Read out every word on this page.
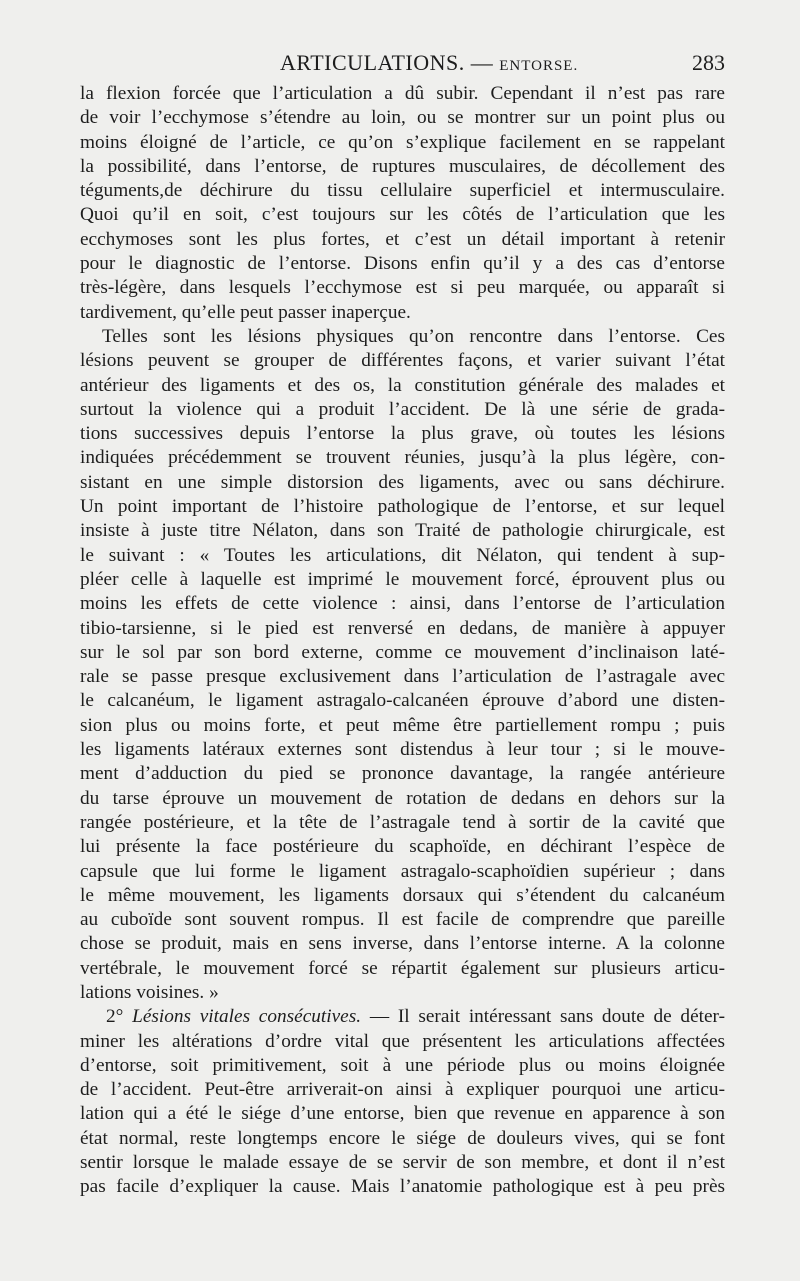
ARTICULATIONS. — ENTORSE.	283
la flexion forcée que l’articulation a dû subir. Cependant il n’est pas rare
de voir l’ecchymose s’étendre au loin, ou se montrer sur un point plus ou
moins éloigné de l’article, ce qu’on s’explique facilement en se rappelant
la possibilité, dans l’entorse, de ruptures musculaires, de décollement des
téguments,de déchirure du tissu cellulaire superficiel et intermusculaire.
Quoi qu’il en soit, c’est toujours sur les côtés de l’articulation que les
ecchymoses sont les plus fortes, et c’est un détail important à retenir
pour le diagnostic de l’entorse. Disons enfin qu’il y a des cas d’entorse
très-légère, dans lesquels l’ecchymose est si peu marquée, ou apparaît si
tardivement, qu’elle peut passer inaperçue.
Telles sont les lésions physiques qu’on rencontre dans l’entorse. Ces
lésions peuvent se grouper de différentes façons, et varier suivant l’état
antérieur des ligaments et des os, la constitution générale des malades et
surtout la violence qui a produit l’accident. De là une série de grada-
tions successives depuis l’entorse la plus grave, où toutes les lésions
indiquées précédemment se trouvent réunies, jusqu’à la plus légère, con-
sistant en une simple distorsion des ligaments, avec ou sans déchirure.
Un point important de l’histoire pathologique de l’entorse, et sur lequel
insiste à juste titre Nélaton, dans son Traité de pathologie chirurgicale, est
le suivant : « Toutes les articulations, dit Nélaton, qui tendent à sup-
pléer celle à laquelle est imprimé le mouvement forcé, éprouvent plus ou
moins les effets de cette violence : ainsi, dans l’entorse de l’articulation
tibio-tarsienne, si le pied est renversé en dedans, de manière à appuyer
sur le sol par son bord externe, comme ce mouvement d’inclinaison laté-
rale se passe presque exclusivement dans l’articulation de l’astragale avec
le calcanéum, le ligament astragalo-calcanéen éprouve d’abord une disten-
sion plus ou moins forte, et peut même être partiellement rompu ; puis
les ligaments latéraux externes sont distendus à leur tour ; si le mouve-
ment d’adduction du pied se prononce davantage, la rangée antérieure
du tarse éprouve un mouvement de rotation de dedans en dehors sur la
rangée postérieure, et la tête de l’astragale tend à sortir de la cavité que
lui présente la face postérieure du scaphoïde, en déchirant l’espèce de
capsule que lui forme le ligament astragalo-scaphoïdien supérieur ; dans
le même mouvement, les ligaments dorsaux qui s’étendent du calcanéum
au cuboïde sont souvent rompus. Il est facile de comprendre que pareille
chose se produit, mais en sens inverse, dans l’entorse interne. A la colonne
vertébrale, le mouvement forcé se répartit également sur plusieurs articu-
lations voisines. »
2° Lésions vitales consécutives. — Il serait intéressant sans doute de déter-
miner les altérations d’ordre vital que présentent les articulations affectées
d’entorse, soit primitivement, soit à une période plus ou moins éloignée
de l’accident. Peut-être arriverait-on ainsi à expliquer pourquoi une articu-
lation qui a été le siége d’une entorse, bien que revenue en apparence à son
état normal, reste longtemps encore le siége de douleurs vives, qui se font
sentir lorsque le malade essaye de se servir de son membre, et dont il n’est
pas facile d’expliquer la cause. Mais l’anatomie pathologique est à peu près
